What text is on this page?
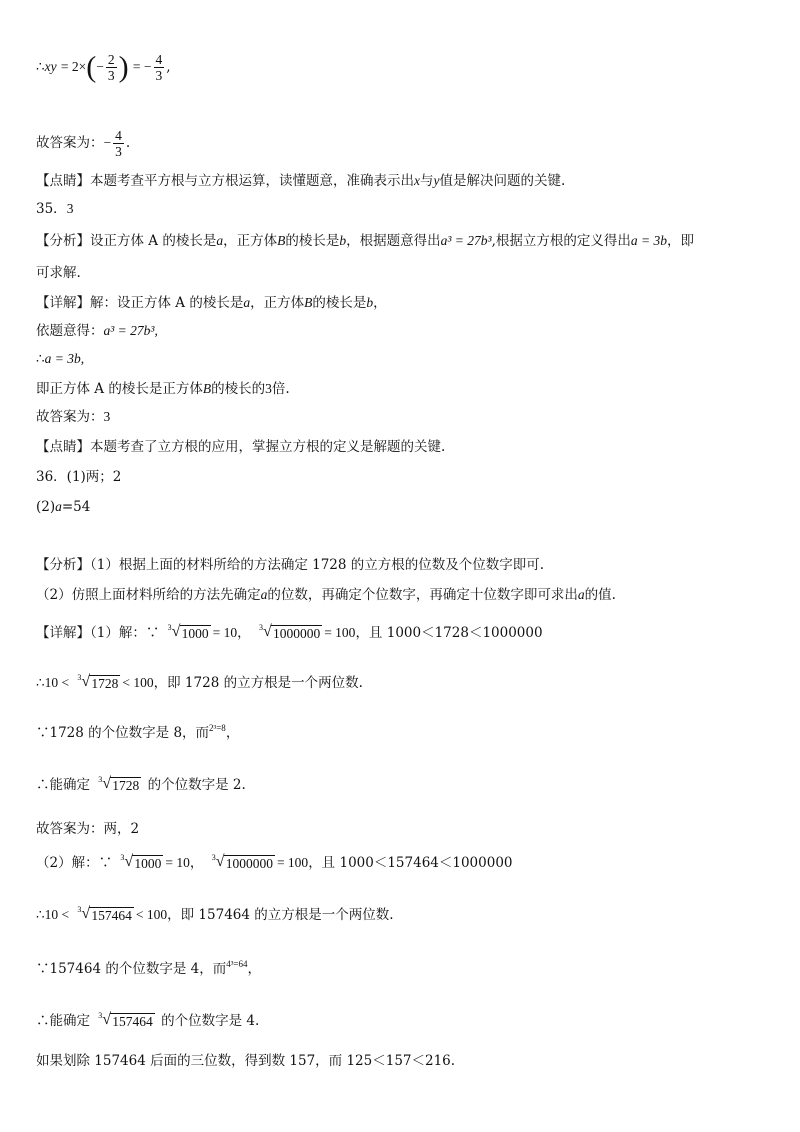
∴xy = $2\times(- \frac{2}{3}$ ) = − $\frac{4}{3}$ ,
故答案为：− $\frac{4}{3}$ .
【点睛】本题考查平方根与立方根运算，读懂题意，准确表示出x与y值是解决问题的关键.
35．3
【分析】设正方体 A 的棱长是a，正方体B的棱长是b，根据题意得出a³ = 27b³,根据立方根的定义得出a = 3b，即
可求解.
【详解】解：设正方体 A 的棱长是a，正方体B的棱长是b，
依题意得：a³ = 27b³,
∴a = 3b,
即正方体 A 的棱长是正方体B的棱长的3倍.
故答案为：3
【点睛】本题考查了立方根的应用，掌握立方根的定义是解题的关键.
36．(1)两；2
(2)a=54
【分析】（1）根据上面的材料所给的方法确定 1728 的立方根的位数及个位数字即可.
（2）仿照上面材料所给的方法先确定a的位数，再确定个位数字，再确定十位数字即可求出a的值.
【详解】（1）解：∵ 3 √ 1000 = 10， 3 √ 1000000 = 100，且 1000＜1728＜1000000
∴10 < 3 √ 1728 < 100，即 1728 的立方根是一个两位数.
∵1728 的个位数字是 8，而$^{2^3=8}$，
∴能确定 3 √ 1728 的个位数字是 2.
故答案为：两，2
（2）解：∵ 3 √ 1000 = 10， 3 √ 1000000 = 100，且 1000＜157464＜1000000
∴10 < 3 √ 157464 < 100，即 157464 的立方根是一个两位数.
∵157464 的个位数字是 4，而$^{4^3=64}$，
∴能确定 3 √ 157464 的个位数字是 4.
如果划除 157464 后面的三位数，得到数 157，而 125＜157＜216.
